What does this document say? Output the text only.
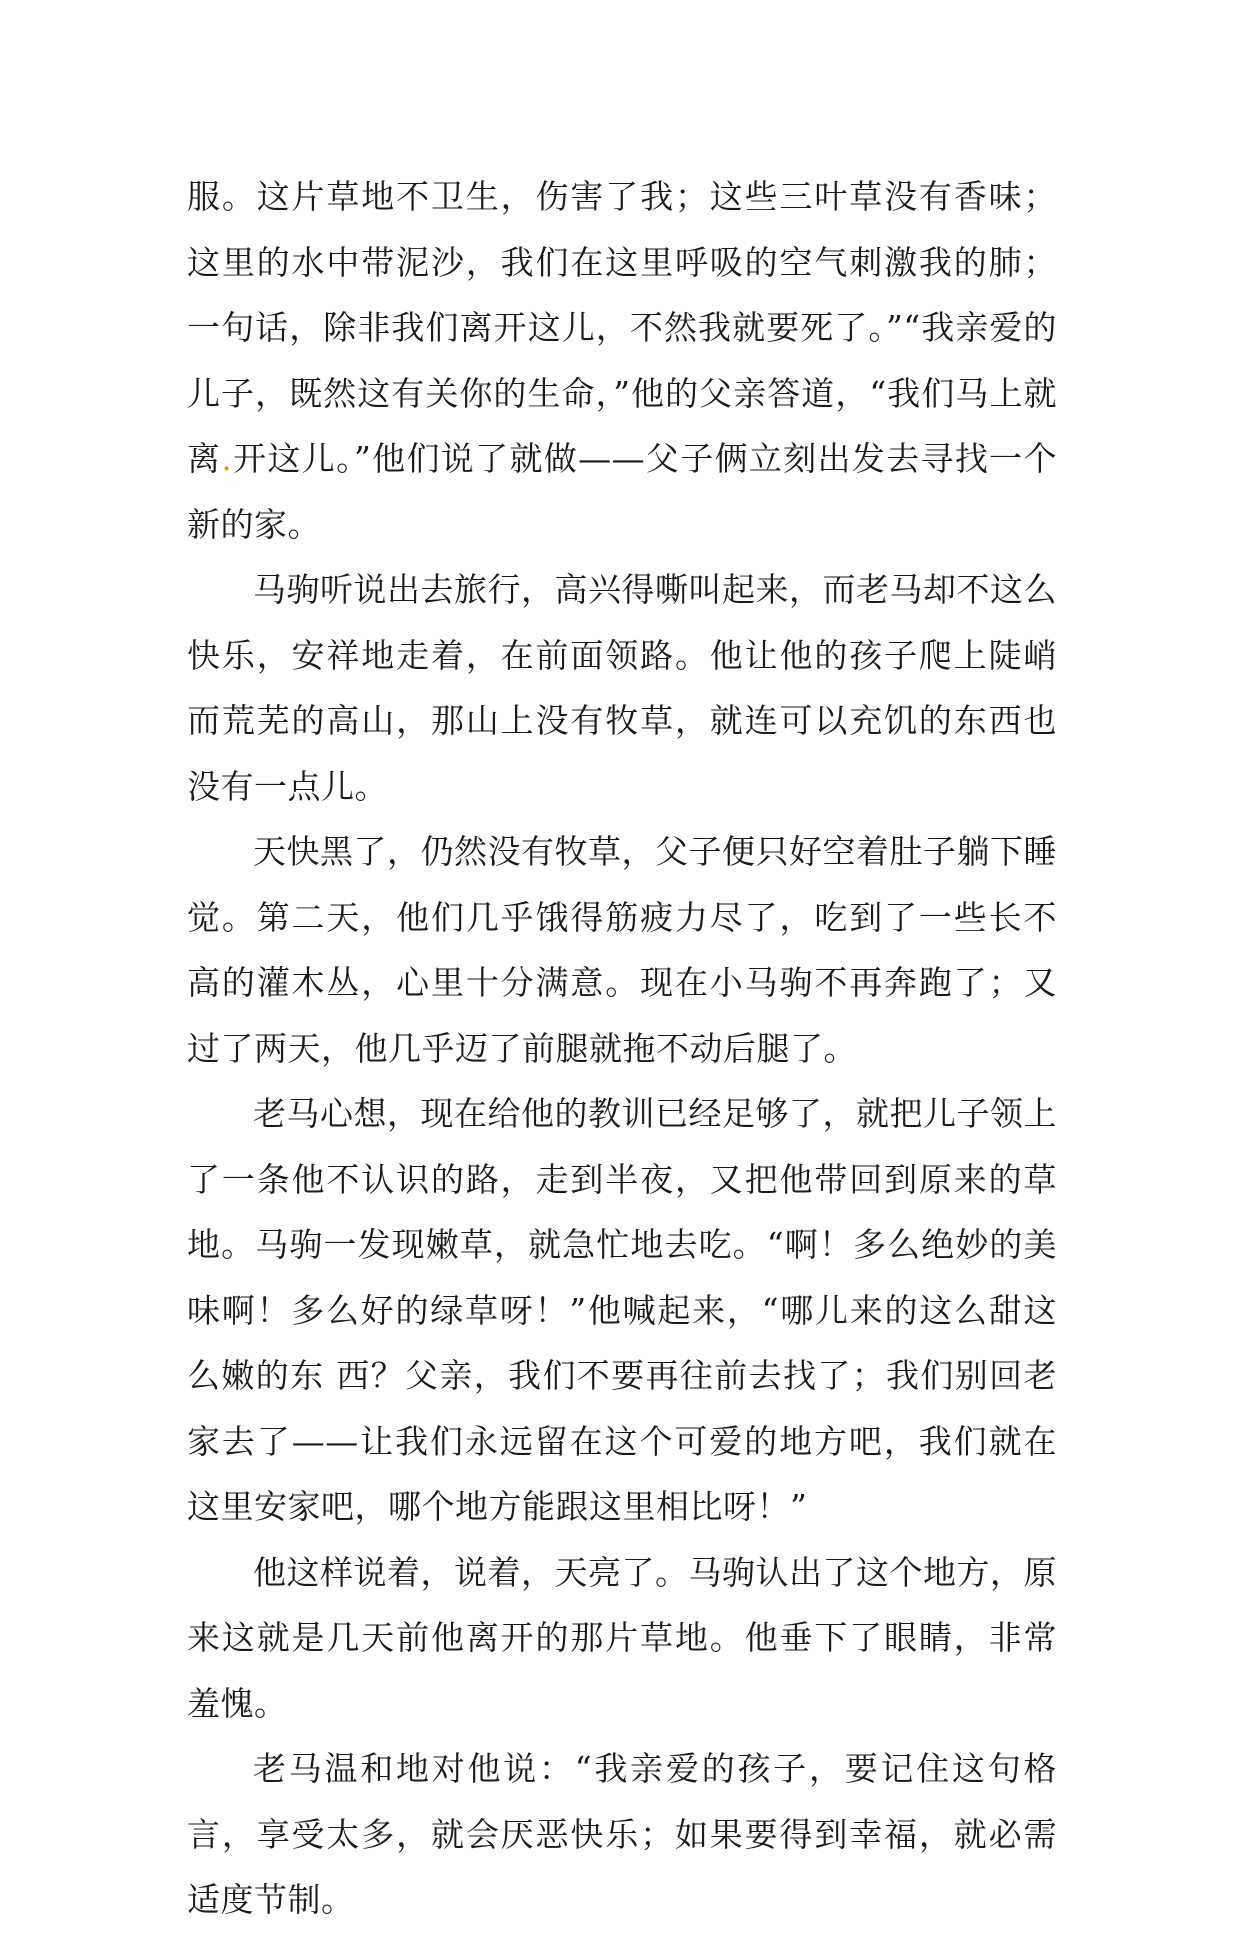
服。这片草地不卫生，伤害了我；这些三叶草没有香味；这里的水中带泥沙，我们在这里呼吸的空气刺激我的肺；一句话，除非我们离开这儿，不然我就要死了。”“我亲爱的儿子，既然这有关你的生命，”他的父亲答道，“我们马上就离.开这儿。”他们说了就做——父子俩立刻出发去寻找一个新的家。

马驹听说出去旅行，高兴得嘶叫起来，而老马却不这么快乐，安祥地走着，在前面领路。他让他的孩子爬上陡峭而荒芜的高山，那山上没有牧草，就连可以充饥的东西也没有一点儿。

天快黑了，仍然没有牧草，父子便只好空着肚子躺下睡觉。第二天，他们几乎饿得筋疲力尽了，吃到了一些长不高的灌木丛，心里十分满意。现在小马驹不再奔跑了；又过了两天，他几乎迈了前腿就拖不动后腿了。

老马心想，现在给他的教训已经足够了，就把儿子领上了一条他不认识的路，走到半夜，又把他带回到原来的草地。马驹一发现嫩草，就急忙地去吃。“啊！多么绝妙的美味啊！多么好的绿草呀！”他喊起来，“哪儿来的这么甜这么嫩的东 西？父亲，我们不要再往前去找了；我们别回老家去了——让我们永远留在这个可爱的地方吧，我们就在这里安家吧，哪个地方能跟这里相比呀！”

他这样说着，说着，天亮了。马驹认出了这个地方，原来这就是几天前他离开的那片草地。他垂下了眼睛，非常羞愧。

老马温和地对他说：“我亲爱的孩子，要记住这句格言，享受太多，就会厌恶快乐；如果要得到幸福，就必需适度节制。
